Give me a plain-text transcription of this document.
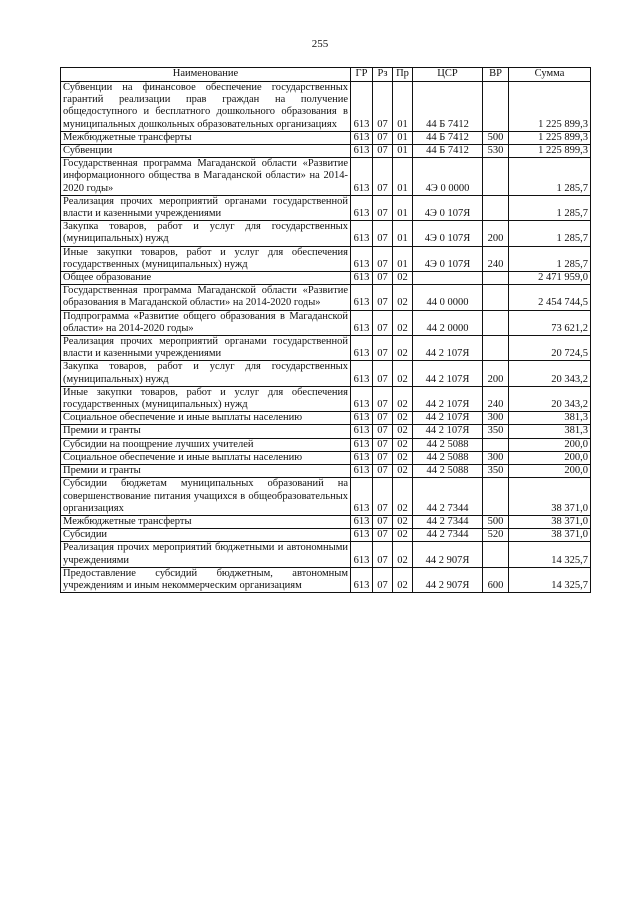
255
Наименование	ГР	Рз	Пр	ЦСР	ВР	Сумма
Субвенции на финансовое обеспечение государственных гарантий реализации прав граждан на получение общедоступного и бесплатного дошкольного образования в муниципальных дошкольных образовательных организациях	613	07	01	44 Б 7412		1 225 899,3
Межбюджетные трансферты	613	07	01	44 Б 7412	500	1 225 899,3
Субвенции	613	07	01	44 Б 7412	530	1 225 899,3
Государственная программа Магаданской области «Развитие информационного общества в Магаданской области» на 2014-2020 годы»	613	07	01	4Э 0 0000		1 285,7
Реализация прочих мероприятий органами государственной власти и казенными учреждениями	613	07	01	4Э 0 107Я		1 285,7
Закупка товаров, работ и услуг для государственных (муниципальных) нужд	613	07	01	4Э 0 107Я	200	1 285,7
Иные закупки товаров, работ и услуг для обеспечения государственных (муниципальных) нужд	613	07	01	4Э 0 107Я	240	1 285,7
Общее образование	613	07	02			2 471 959,0
Государственная программа Магаданской области «Развитие образования в Магаданской области» на 2014-2020 годы»	613	07	02	44 0 0000		2 454 744,5
Подпрограмма «Развитие общего образования в Магаданской области» на 2014-2020 годы»	613	07	02	44 2 0000		73 621,2
Реализация прочих мероприятий органами государственной власти и казенными учреждениями	613	07	02	44 2 107Я		20 724,5
Закупка товаров, работ и услуг для государственных (муниципальных) нужд	613	07	02	44 2 107Я	200	20 343,2
Иные закупки товаров, работ и услуг для обеспечения государственных (муниципальных) нужд	613	07	02	44 2 107Я	240	20 343,2
Социальное обеспечение и иные выплаты населению	613	07	02	44 2 107Я	300	381,3
Премии и гранты	613	07	02	44 2 107Я	350	381,3
Субсидии на поощрение лучших учителей	613	07	02	44 2 5088		200,0
Социальное обеспечение и иные выплаты населению	613	07	02	44 2 5088	300	200,0
Премии и гранты	613	07	02	44 2 5088	350	200,0
Субсидии бюджетам муниципальных образований на совершенствование питания учащихся в общеобразовательных организациях	613	07	02	44 2 7344		38 371,0
Межбюджетные трансферты	613	07	02	44 2 7344	500	38 371,0
Субсидии	613	07	02	44 2 7344	520	38 371,0
Реализация прочих мероприятий бюджетными и автономными учреждениями	613	07	02	44 2 907Я		14 325,7
Предоставление субсидий бюджетным, автономным учреждениям и иным некоммерческим организациям	613	07	02	44 2 907Я	600	14 325,7
